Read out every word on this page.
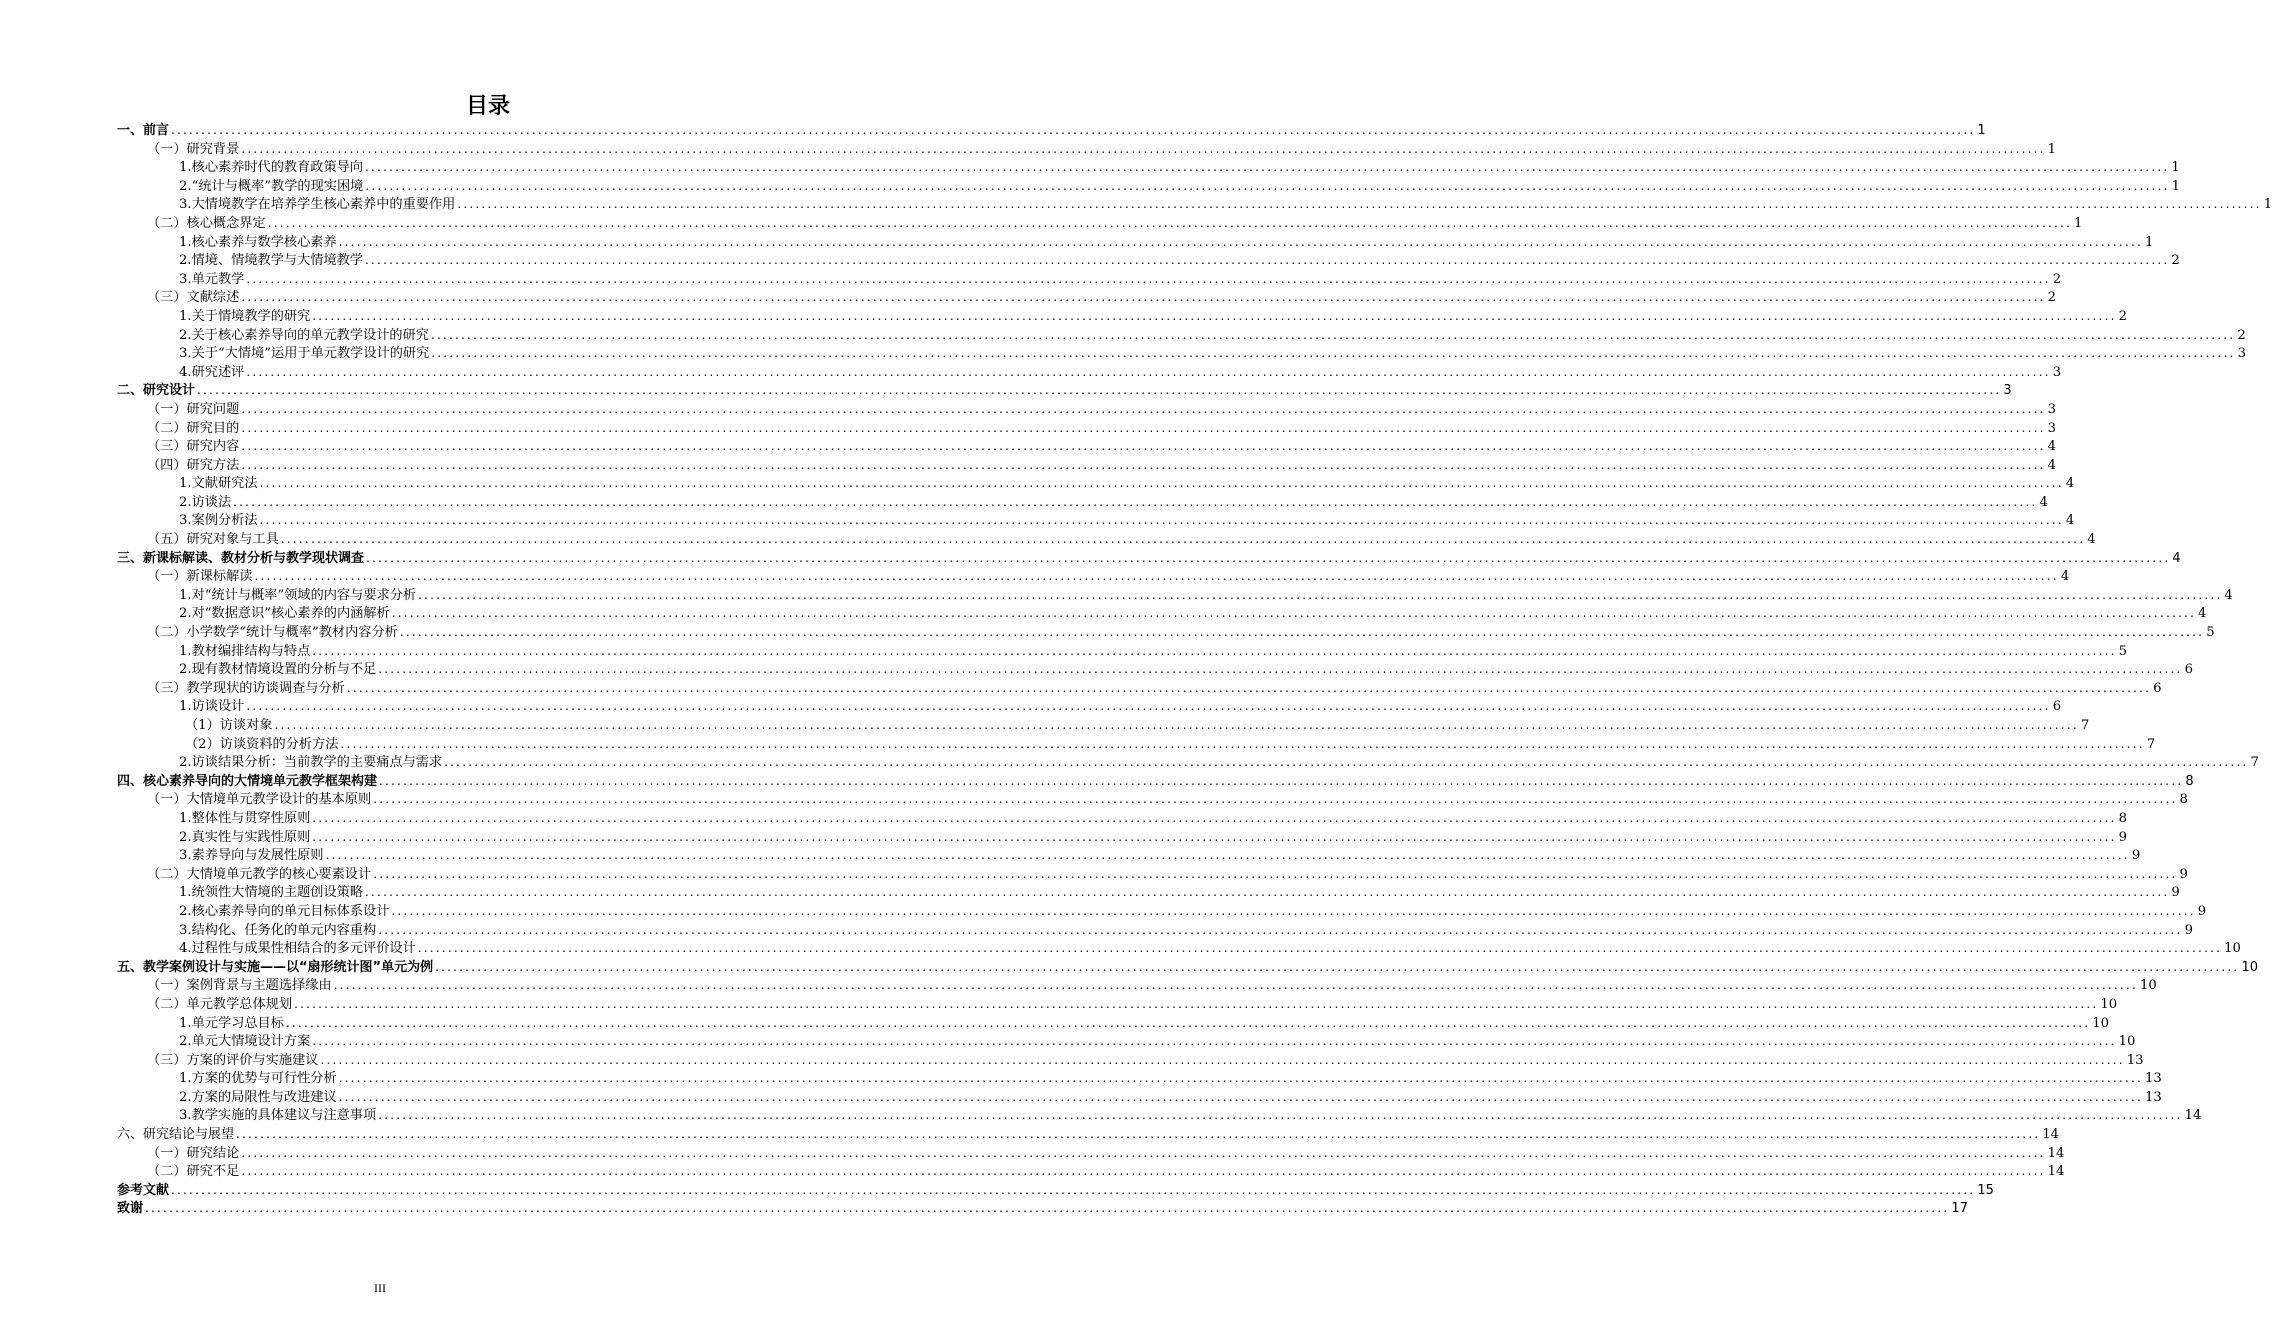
目录
一、前言 ............................................................................................................................................................................................................................................................................................................ 1
（一）研究背景 ............................................................................................................................................................................................................................................................................................................ 1
1.核心素养时代的教育政策导向 ............................................................................................................................................................................................................................................................................................................ 1
2.“统计与概率”教学的现实困境 ............................................................................................................................................................................................................................................................................................................ 1
3.大情境教学在培养学生核心素养中的重要作用 ............................................................................................................................................................................................................................................................................................................ 1
（二）核心概念界定 ............................................................................................................................................................................................................................................................................................................ 1
1.核心素养与数学核心素养 ............................................................................................................................................................................................................................................................................................................ 1
2.情境、情境教学与大情境教学 ............................................................................................................................................................................................................................................................................................................ 2
3.单元教学 ............................................................................................................................................................................................................................................................................................................ 2
（三）文献综述 ............................................................................................................................................................................................................................................................................................................ 2
1.关于情境教学的研究 ............................................................................................................................................................................................................................................................................................................ 2
2.关于核心素养导向的单元教学设计的研究 ............................................................................................................................................................................................................................................................................................................ 2
3.关于“大情境”运用于单元教学设计的研究 ............................................................................................................................................................................................................................................................................................................ 3
4.研究述评 ............................................................................................................................................................................................................................................................................................................ 3
二、研究设计 ............................................................................................................................................................................................................................................................................................................ 3
（一）研究问题 ............................................................................................................................................................................................................................................................................................................ 3
（二）研究目的 ............................................................................................................................................................................................................................................................................................................ 3
（三）研究内容 ............................................................................................................................................................................................................................................................................................................ 4
（四）研究方法 ............................................................................................................................................................................................................................................................................................................ 4
1.文献研究法 ............................................................................................................................................................................................................................................................................................................ 4
2.访谈法 ............................................................................................................................................................................................................................................................................................................ 4
3.案例分析法 ............................................................................................................................................................................................................................................................................................................ 4
（五）研究对象与工具 ............................................................................................................................................................................................................................................................................................................ 4
三、新课标解读、教材分析与教学现状调查 ............................................................................................................................................................................................................................................................................................................ 4
（一）新课标解读 ............................................................................................................................................................................................................................................................................................................ 4
1.对“统计与概率”领域的内容与要求分析 ............................................................................................................................................................................................................................................................................................................ 4
2.对“数据意识”核心素养的内涵解析 ............................................................................................................................................................................................................................................................................................................ 4
（二）小学数学“统计与概率”教材内容分析 ............................................................................................................................................................................................................................................................................................................ 5
1.教材编排结构与特点 ............................................................................................................................................................................................................................................................................................................ 5
2.现有教材情境设置的分析与不足 ............................................................................................................................................................................................................................................................................................................ 6
（三）教学现状的访谈调查与分析 ............................................................................................................................................................................................................................................................................................................ 6
1.访谈设计 ............................................................................................................................................................................................................................................................................................................ 6
（1）访谈对象 ............................................................................................................................................................................................................................................................................................................ 7
（2）访谈资料的分析方法 ............................................................................................................................................................................................................................................................................................................ 7
2.访谈结果分析：当前教学的主要痛点与需求 ............................................................................................................................................................................................................................................................................................................ 7
四、核心素养导向的大情境单元教学框架构建 ............................................................................................................................................................................................................................................................................................................ 8
（一）大情境单元教学设计的基本原则 ............................................................................................................................................................................................................................................................................................................ 8
1.整体性与贯穿性原则 ............................................................................................................................................................................................................................................................................................................ 8
2.真实性与实践性原则 ............................................................................................................................................................................................................................................................................................................ 9
3.素养导向与发展性原则 ............................................................................................................................................................................................................................................................................................................ 9
（二）大情境单元教学的核心要素设计 ............................................................................................................................................................................................................................................................................................................ 9
1.统领性大情境的主题创设策略 ............................................................................................................................................................................................................................................................................................................ 9
2.核心素养导向的单元目标体系设计 ............................................................................................................................................................................................................................................................................................................ 9
3.结构化、任务化的单元内容重构 ............................................................................................................................................................................................................................................................................................................ 9
4.过程性与成果性相结合的多元评价设计 ............................................................................................................................................................................................................................................................................................................ 10
五、教学案例设计与实施——以“扇形统计图”单元为例 ............................................................................................................................................................................................................................................................................................................ 10
（一）案例背景与主题选择缘由 ............................................................................................................................................................................................................................................................................................................ 10
（二）单元教学总体规划 ............................................................................................................................................................................................................................................................................................................ 10
1.单元学习总目标 ............................................................................................................................................................................................................................................................................................................ 10
2.单元大情境设计方案 ............................................................................................................................................................................................................................................................................................................ 10
（三）方案的评价与实施建议 ............................................................................................................................................................................................................................................................................................................ 13
1.方案的优势与可行性分析 ............................................................................................................................................................................................................................................................................................................ 13
2.方案的局限性与改进建议 ............................................................................................................................................................................................................................................................................................................ 13
3.教学实施的具体建议与注意事项 ............................................................................................................................................................................................................................................................................................................ 14
六、研究结论与展望 ............................................................................................................................................................................................................................................................................................................ 14
（一）研究结论 ............................................................................................................................................................................................................................................................................................................ 14
（二）研究不足 ............................................................................................................................................................................................................................................................................................................ 14
参考文献 ............................................................................................................................................................................................................................................................................................................ 15
致谢 ............................................................................................................................................................................................................................................................................................................ 17
III
